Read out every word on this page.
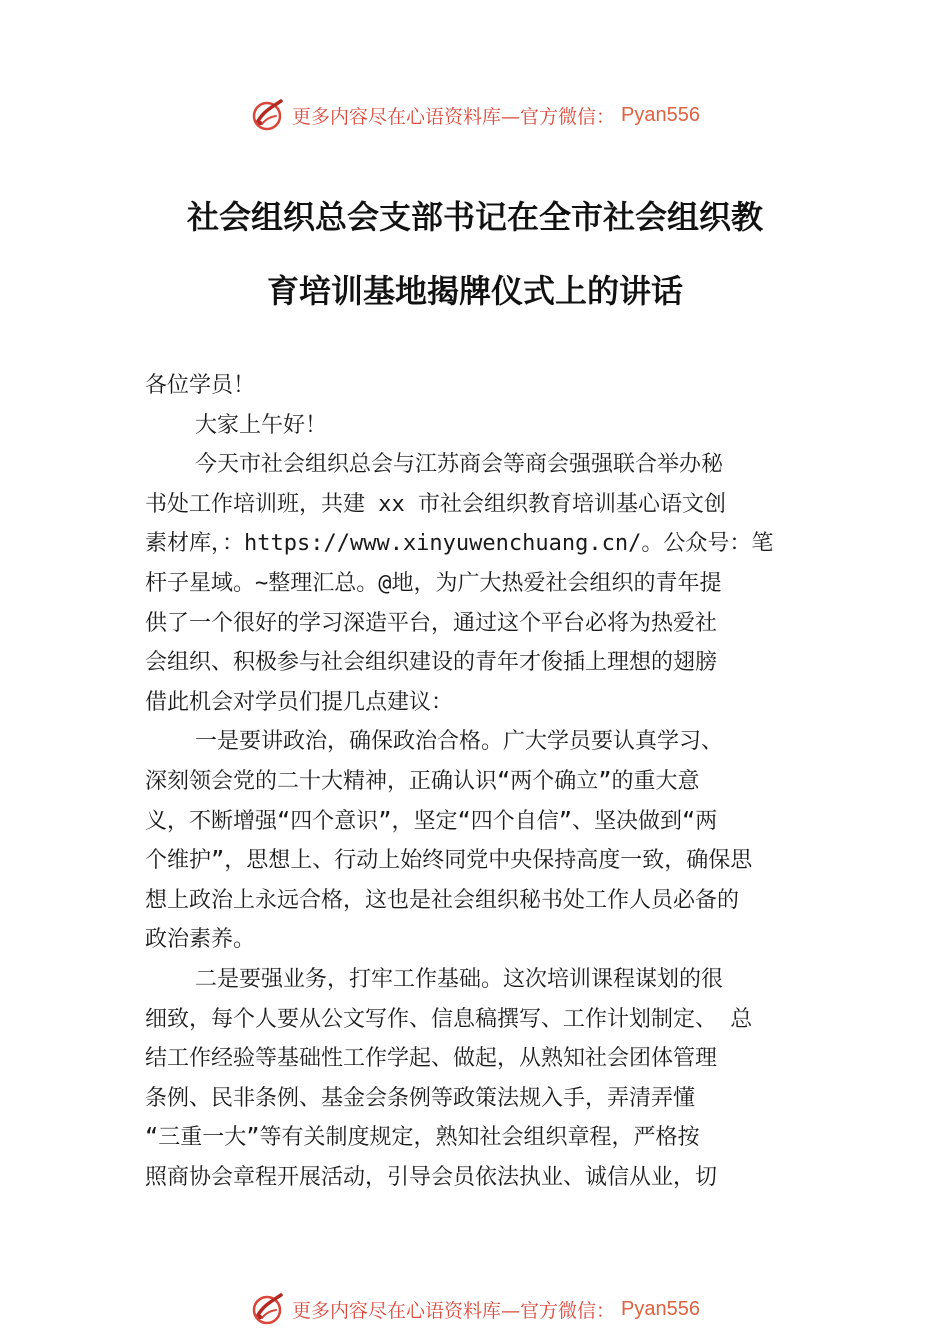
更多内容尽在心语资料库—官方微信： Pyan556
社会组织总会支部书记在全市社会组织教
育培训基地揭牌仪式上的讲话

各位学员！

大家上午好！

今天市社会组织总会与江苏商会等商会强强联合举办秘
书处工作培训班，共建 xx 市社会组织教育培训基心语文创
素材库，：https://www.xinyuwenchuang.cn/。公众号：笔
杆子星域。~整理汇总。@地，为广大热爱社会组织的青年提
供了一个很好的学习深造平台，通过这个平台必将为热爱社
会组织、积极参与社会组织建设的青年才俊插上理想的翅膀
借此机会对学员们提几点建议：

一是要讲政治，确保政治合格。广大学员要认真学习、
深刻领会党的二十大精神，正确认识“两个确立”的重大意
义，不断增强“四个意识”，坚定“四个自信”、坚决做到“两
个维护”，思想上、行动上始终同党中央保持高度一致，确保思
想上政治上永远合格，这也是社会组织秘书处工作人员必备的
政治素养。

二是要强业务，打牢工作基础。这次培训课程谋划的很
细致，每个人要从公文写作、信息稿撰写、工作计划制定、 总
结工作经验等基础性工作学起、做起，从熟知社会团体管理
条例、民非条例、基金会条例等政策法规入手，弄清弄懂
“三重一大”等有关制度规定，熟知社会组织章程，严格按
照商协会章程开展活动，引导会员依法执业、诚信从业，切

更多内容尽在心语资料库—官方微信： Pyan556
